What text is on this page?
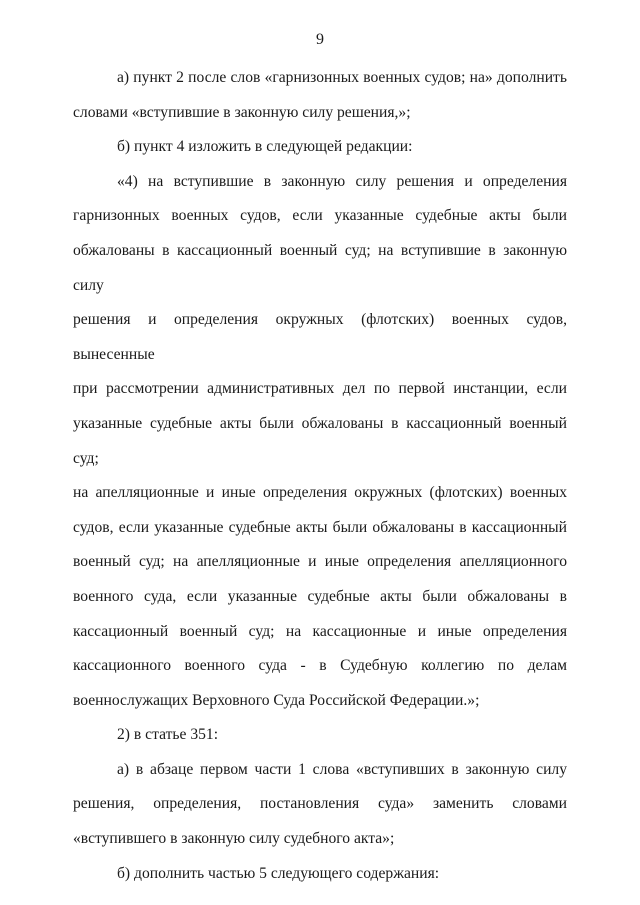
9
а) пункт 2 после слов «гарнизонных военных судов; на» дополнить
словами «вступившие в законную силу решения,»;
б) пункт 4 изложить в следующей редакции:
«4) на вступившие в законную силу решения и определения
гарнизонных военных судов, если указанные судебные акты были
обжалованы в кассационный военный суд; на вступившие в законную силу
решения и определения окружных (флотских) военных судов, вынесенные
при рассмотрении административных дел по первой инстанции, если
указанные судебные акты были обжалованы в кассационный военный суд;
на апелляционные и иные определения окружных (флотских) военных
судов, если указанные судебные акты были обжалованы в кассационный
военный суд; на апелляционные и иные определения апелляционного
военного суда, если указанные судебные акты были обжалованы в
кассационный военный суд; на кассационные и иные определения
кассационного военного суда - в Судебную коллегию по делам
военнослужащих Верховного Суда Российской Федерации.»;
2) в статье 351:
а) в абзаце первом части 1 слова «вступивших в законную силу
решения, определения, постановления суда» заменить словами
«вступившего в законную силу судебного акта»;
б) дополнить частью 5 следующего содержания:
